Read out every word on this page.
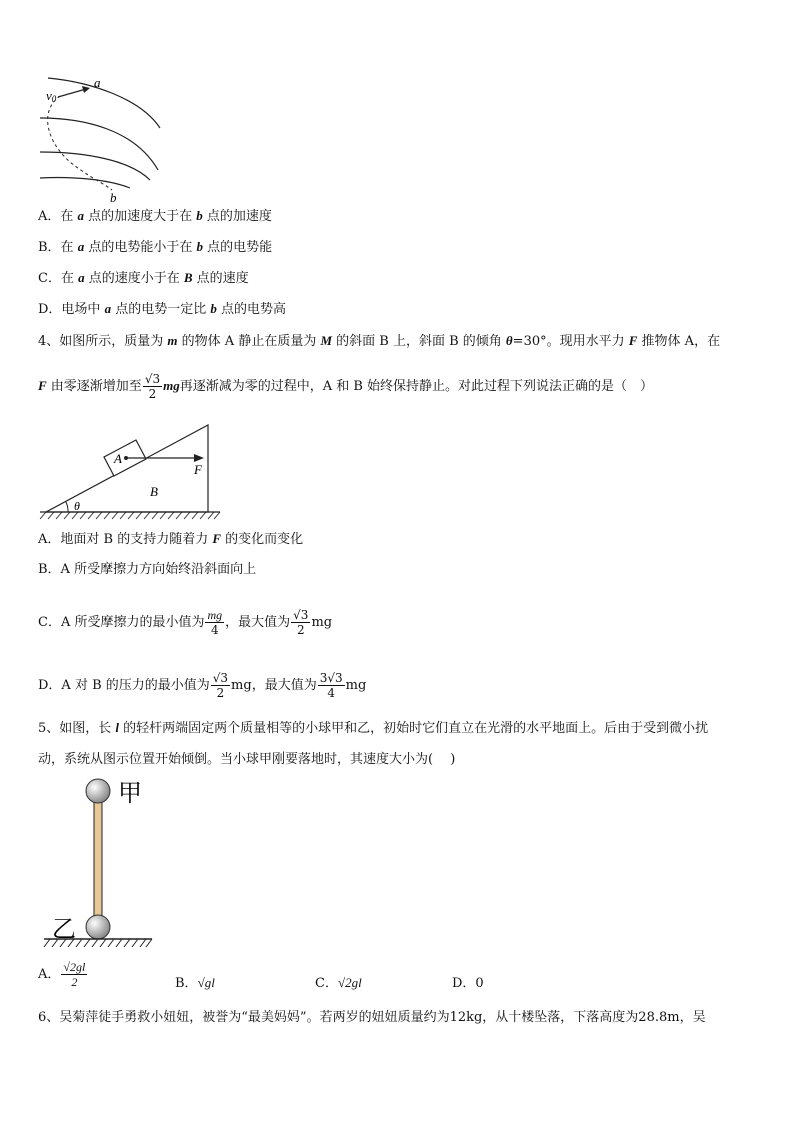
v0
a
b
A．在 a 点的加速度大于在 b 点的加速度
B．在 a 点的电势能小于在 b 点的电势能
C．在 a 点的速度小于在 B 点的速度
D．电场中 a 点的电势一定比 b 点的电势高
4、如图所示，质量为 m 的物体 A 静止在质量为 M 的斜面 B 上，斜面 B 的倾角 θ=30°。现用水平力 F 推物体 A，在
F 由零逐渐增加至 $\frac{√3}{2}$ mg再逐渐减为零的过程中，A 和 B 始终保持静止。对此过程下列说法正确的是（　）
A
F
B
θ
A．地面对 B 的支持力随着力 F 的变化而变化
B．A 所受摩擦力方向始终沿斜面向上
C．A 所受摩擦力的最小值为 $\frac{mg}{4}$ ，最大值为 $\frac{√3}{2}$ mg
D．A 对 B 的压力的最小值为 $\frac{√3}{2}$ mg，最大值为 $\frac{3√3}{4}$ mg
5、如图，长 l 的轻杆两端固定两个质量相等的小球甲和乙，初始时它们直立在光滑的水平地面上。后由于受到微小扰
动，系统从图示位置开始倾倒。当小球甲刚要落地时，其速度大小为(　 )
甲
乙
A． $\frac{√2gl}{2}$	B．√gl	C．√2gl	D．0
6、吴菊萍徒手勇救小妞妞，被誉为“最美妈妈”。若两岁的妞妞质量约为12kg，从十楼坠落，下落高度为28.8m，吴
